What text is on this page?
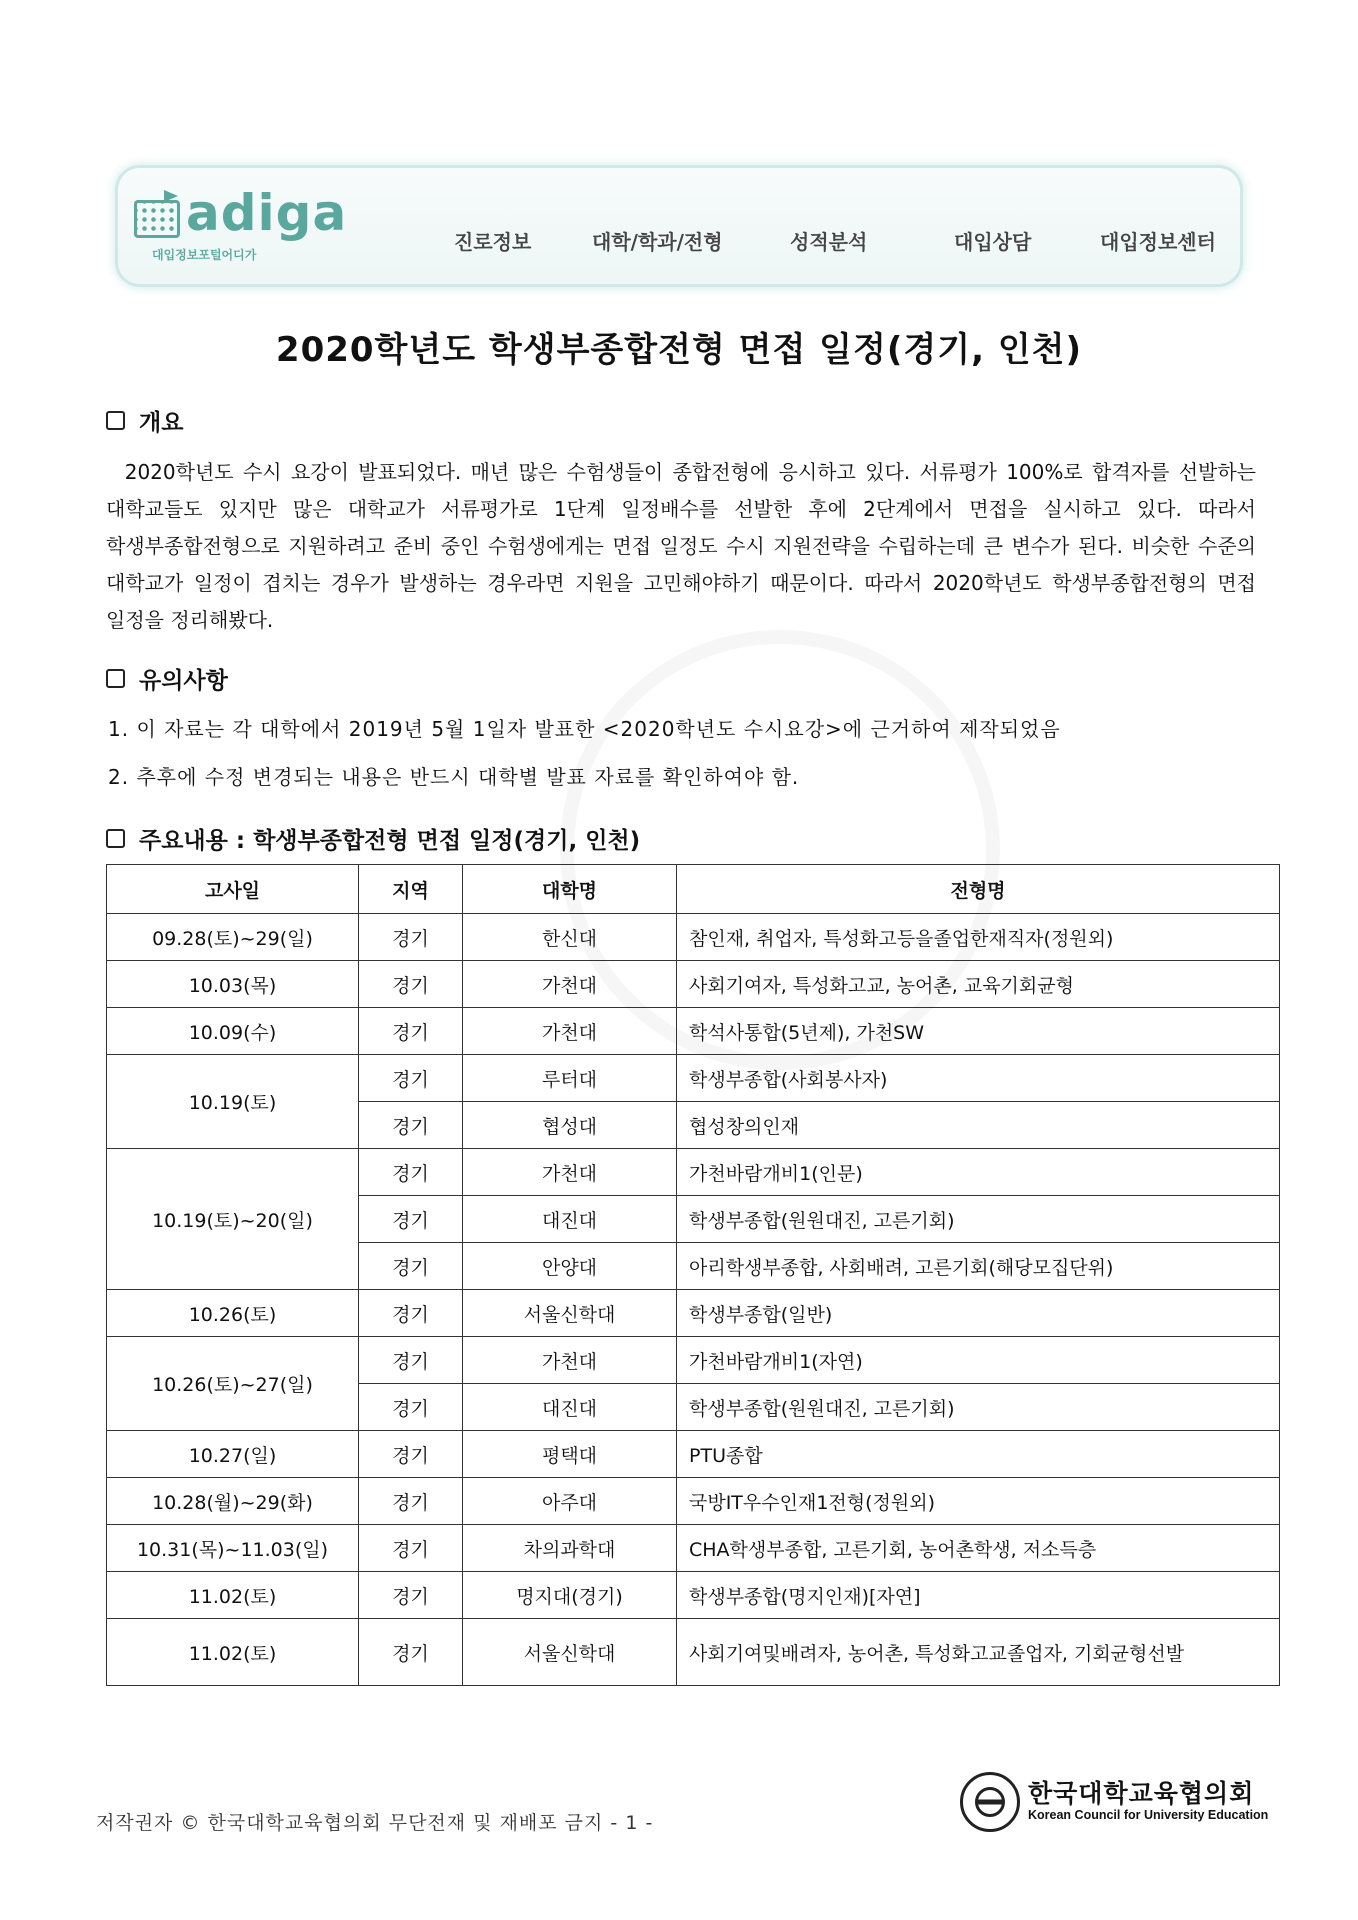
adiga
대입정보포털어디가
진로정보	대학/학과/전형	성적분석	대입상담	대입정보센터
2020학년도 학생부종합전형 면접 일정(경기, 인천)
개요
2020학년도 수시 요강이 발표되었다. 매년 많은 수험생들이 종합전형에 응시하고 있다. 서류평가 100%로 합격자를 선발하는 대학교들도 있지만 많은 대학교가 서류평가로 1단계 일정배수를 선발한 후에 2단계에서 면접을 실시하고 있다. 따라서 학생부종합전형으로 지원하려고 준비 중인 수험생에게는 면접 일정도 수시 지원전략을 수립하는데 큰 변수가 된다. 비슷한 수준의 대학교가 일정이 겹치는 경우가 발생하는 경우라면 지원을 고민해야하기 때문이다. 따라서 2020학년도 학생부종합전형의 면접 일정을 정리해봤다.
유의사항
1. 이 자료는 각 대학에서 2019년 5월 1일자 발표한 <2020학년도 수시요강>에 근거하여 제작되었음
2. 추후에 수정 변경되는 내용은 반드시 대학별 발표 자료를 확인하여야 함.
주요내용 : 학생부종합전형 면접 일정(경기, 인천)
고사일	지역	대학명	전형명
09.28(토)~29(일)	경기	한신대	참인재, 취업자, 특성화고등을졸업한재직자(정원외)
10.03(목)	경기	가천대	사회기여자, 특성화고교, 농어촌, 교육기회균형
10.09(수)	경기	가천대	학석사통합(5년제), 가천SW
10.19(토)	경기	루터대	학생부종합(사회봉사자)
	경기	협성대	협성창의인재
10.19(토)~20(일)	경기	가천대	가천바람개비1(인문)
	경기	대진대	학생부종합(원원대진, 고른기회)
	경기	안양대	아리학생부종합, 사회배려, 고른기회(해당모집단위)
10.26(토)	경기	서울신학대	학생부종합(일반)
10.26(토)~27(일)	경기	가천대	가천바람개비1(자연)
	경기	대진대	학생부종합(원원대진, 고른기회)
10.27(일)	경기	평택대	PTU종합
10.28(월)~29(화)	경기	아주대	국방IT우수인재1전형(정원외)
10.31(목)~11.03(일)	경기	차의과학대	CHA학생부종합, 고른기회, 농어촌학생, 저소득층
11.02(토)	경기	명지대(경기)	학생부종합(명지인재)[자연]
11.02(토)	경기	서울신학대	사회기여및배려자, 농어촌, 특성화고교졸업자, 기회균형선발
저작권자 © 한국대학교육협의회 무단전재 및 재배포 금지 - 1 -
한국대학교육협의회
Korean Council for University Education
